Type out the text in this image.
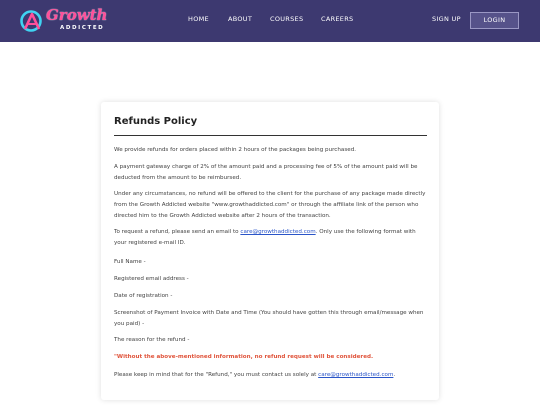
Growth
ADDICTED
HOME	ABOUT	COURSES	CAREERS	SIGN UP	LOGIN
Refunds Policy

We provide refunds for orders placed within 2 hours of the packages being purchased.

A payment gateway charge of 2% of the amount paid and a processing fee of 5% of the amount paid will be deducted from the amount to be reimbursed.

Under any circumstances, no refund will be offered to the client for the purchase of any package made directly from the Growth Addicted website "www.growthaddicted.com" or through the affiliate link of the person who directed him to the Growth Addicted website after 2 hours of the transaction.

To request a refund, please send an email to care@growthaddicted.com. Only use the following format with your registered e-mail ID.

Full Name -

Registered email address -

Date of registration -

Screenshot of Payment Invoice with Date and Time (You should have gotten this through email/message when you paid) -

The reason for the refund -

"Without the above-mentioned information, no refund request will be considered.

Please keep in mind that for the "Refund," you must contact us solely at care@growthaddicted.com.
